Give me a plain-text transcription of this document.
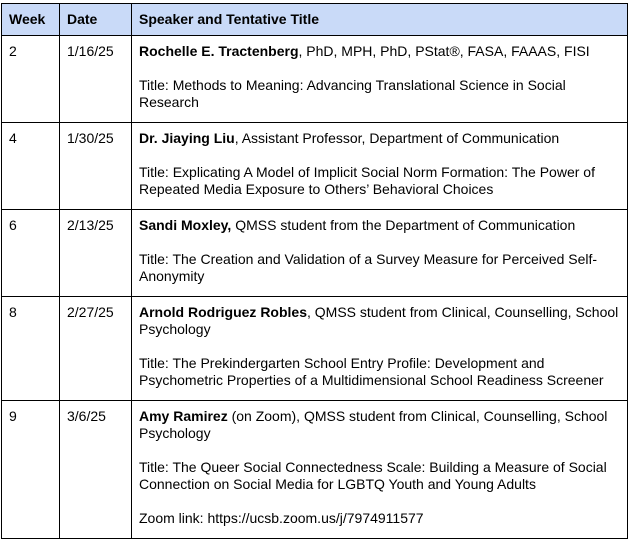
Week	Date	Speaker and Tentative Title
2	1/16/25	Rochelle E. Tractenberg, PhD, MPH, PhD, PStat®, FASA, FAAAS, FISI

Title: Methods to Meaning: Advancing Translational Science in Social Research

4	1/30/25	Dr. Jiaying Liu, Assistant Professor, Department of Communication

Title: Explicating A Model of Implicit Social Norm Formation: The Power of Repeated Media Exposure to Others’ Behavioral Choices

6	2/13/25	Sandi Moxley, QMSS student from the Department of Communication

Title: The Creation and Validation of a Survey Measure for Perceived Self-Anonymity

8	2/27/25	Arnold Rodriguez Robles, QMSS student from Clinical, Counselling, School Psychology

Title: The Prekindergarten School Entry Profile: Development and Psychometric Properties of a Multidimensional School Readiness Screener

9	3/6/25	Amy Ramirez (on Zoom), QMSS student from Clinical, Counselling, School Psychology

Title: The Queer Social Connectedness Scale: Building a Measure of Social Connection on Social Media for LGBTQ Youth and Young Adults

Zoom link: https://ucsb.zoom.us/j/7974911577
